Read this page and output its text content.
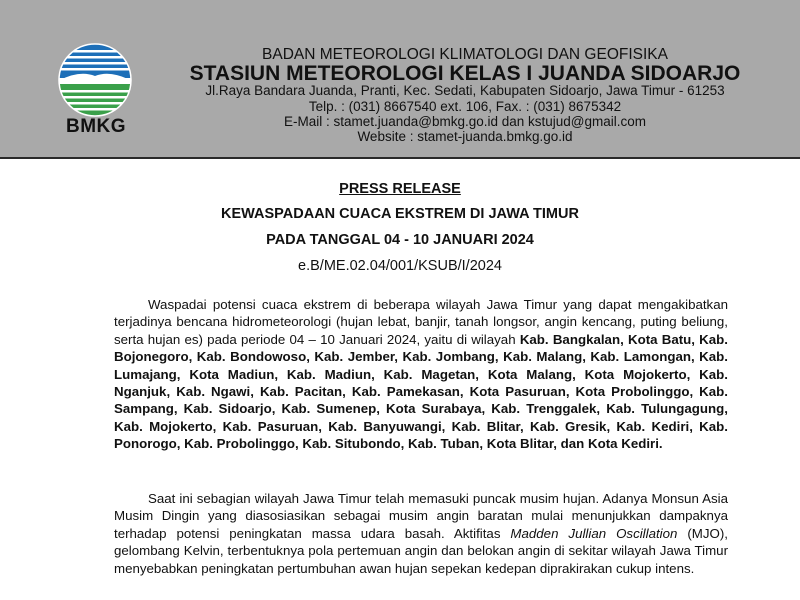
BMKG
BADAN METEOROLOGI KLIMATOLOGI DAN GEOFISIKA
STASIUN METEOROLOGI KELAS I JUANDA SIDOARJO
Jl.Raya Bandara Juanda, Pranti, Kec. Sedati, Kabupaten Sidoarjo, Jawa Timur - 61253
Telp. : (031) 8667540 ext. 106, Fax. : (031) 8675342
E-Mail : stamet.juanda@bmkg.go.id dan kstujud@gmail.com
Website : stamet-juanda.bmkg.go.id
PRESS RELEASE
KEWASPADAAN CUACA EKSTREM DI JAWA TIMUR
PADA TANGGAL 04 - 10 JANUARI 2024
e.B/ME.02.04/001/KSUB/I/2024

Waspadai potensi cuaca ekstrem di beberapa wilayah Jawa Timur yang dapat mengakibatkan terjadinya bencana hidrometeorologi (hujan lebat, banjir, tanah longsor, angin kencang, puting beliung, serta hujan es) pada periode 04 – 10 Januari 2024, yaitu di wilayah Kab. Bangkalan, Kota Batu, Kab. Bojonegoro, Kab. Bondowoso, Kab. Jember, Kab. Jombang, Kab. Malang, Kab. Lamongan, Kab. Lumajang, Kota Madiun, Kab. Madiun, Kab. Magetan, Kota Malang, Kota Mojokerto, Kab. Nganjuk, Kab. Ngawi, Kab. Pacitan, Kab. Pamekasan, Kota Pasuruan, Kota Probolinggo, Kab. Sampang, Kab. Sidoarjo, Kab. Sumenep, Kota Surabaya, Kab. Trenggalek, Kab. Tulungagung, Kab. Mojokerto, Kab. Pasuruan, Kab. Banyuwangi, Kab. Blitar, Kab. Gresik, Kab. Kediri, Kab. Ponorogo, Kab. Probolinggo, Kab. Situbondo, Kab. Tuban, Kota Blitar, dan Kota Kediri.

Saat ini sebagian wilayah Jawa Timur telah memasuki puncak musim hujan. Adanya Monsun Asia Musim Dingin yang diasosiasikan sebagai musim angin baratan mulai menunjukkan dampaknya terhadap potensi peningkatan massa udara basah. Aktifitas Madden Jullian Oscillation (MJO), gelombang Kelvin, terbentuknya pola pertemuan angin dan belokan angin di sekitar wilayah Jawa Timur menyebabkan peningkatan pertumbuhan awan hujan sepekan kedepan diprakirakan cukup intens.
